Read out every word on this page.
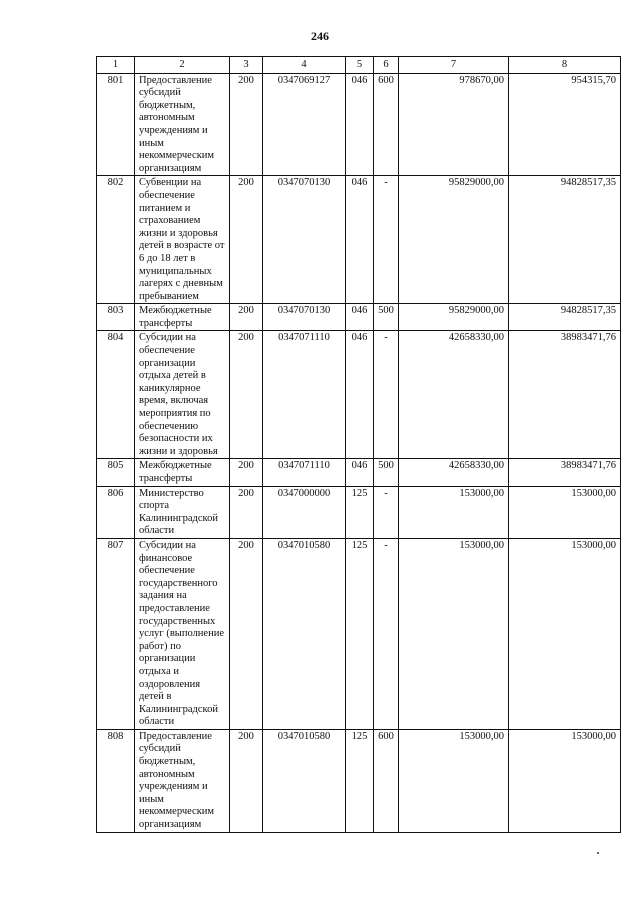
246
1	2	3	4	5	6	7	8
801	Предоставление субсидий бюджетным, автономным учреждениям и иным некоммерческим организациям	200	0347069127	046	600	978670,00	954315,70
802	Субвенции на обеспечение питанием и страхованием жизни и здоровья детей в возрасте от 6 до 18 лет в муниципальных лагерях с дневным пребыванием	200	0347070130	046	-	95829000,00	94828517,35
803	Межбюджетные трансферты	200	0347070130	046	500	95829000,00	94828517,35
804	Субсидии на обеспечение организации отдыха детей в каникулярное время, включая мероприятия по обеспечению безопасности их жизни и здоровья	200	0347071110	046	-	42658330,00	38983471,76
805	Межбюджетные трансферты	200	0347071110	046	500	42658330,00	38983471,76
806	Министерство спорта Калининградской области	200	0347000000	125	-	153000,00	153000,00
807	Субсидии на финансовое обеспечение государственного задания на предоставление государственных услуг (выполнение работ) по организации отдыха и оздоровления детей в Калининградской области	200	0347010580	125	-	153000,00	153000,00
808	Предоставление субсидий бюджетным, автономным учреждениям и иным некоммерческим организациям	200	0347010580	125	600	153000,00	153000,00
